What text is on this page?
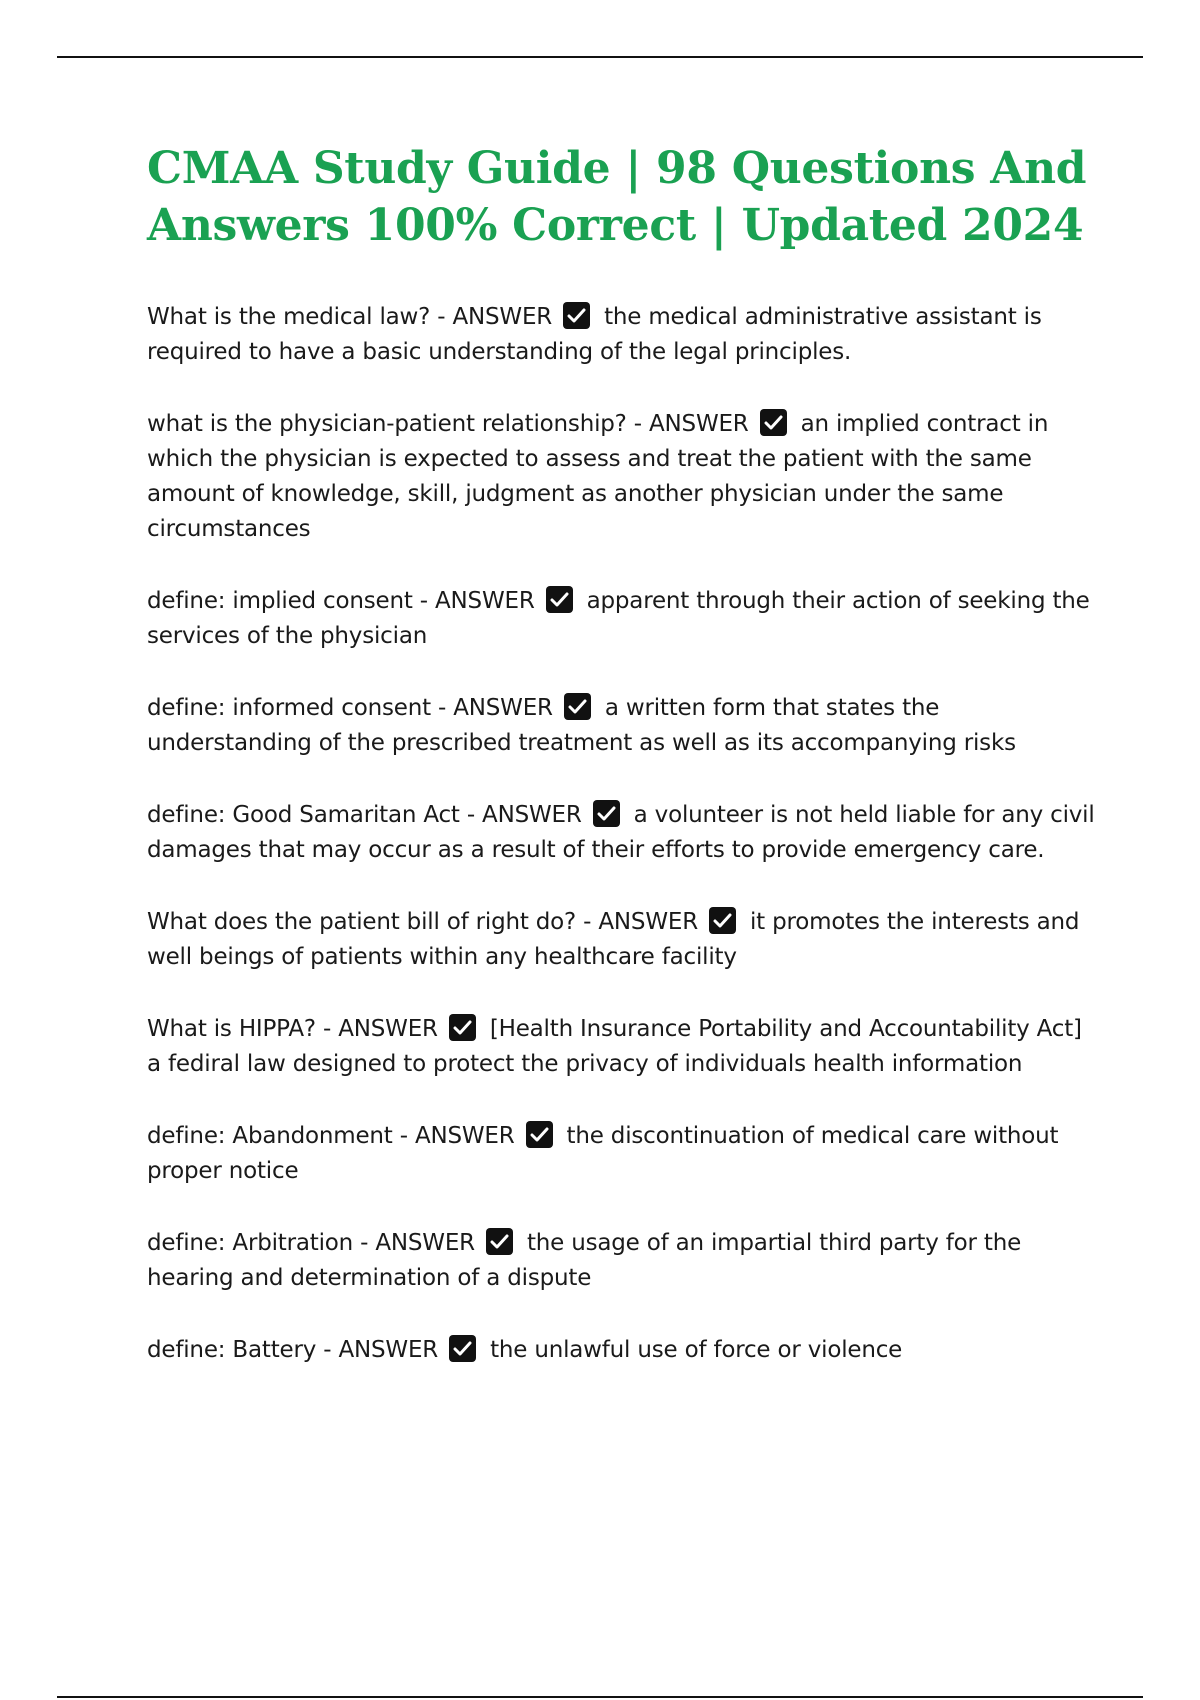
CMAA Study Guide | 98 Questions And Answers 100% Correct | Updated 2024

What is the medical law? - ANSWER the medical administrative assistant is required to have a basic understanding of the legal principles.

what is the physician-patient relationship? - ANSWER an implied contract in which the physician is expected to assess and treat the patient with the same amount of knowledge, skill, judgment as another physician under the same circumstances

define: implied consent - ANSWER apparent through their action of seeking the services of the physician

define: informed consent - ANSWER a written form that states the understanding of the prescribed treatment as well as its accompanying risks

define: Good Samaritan Act - ANSWER a volunteer is not held liable for any civil damages that may occur as a result of their efforts to provide emergency care.

What does the patient bill of right do? - ANSWER it promotes the interests and well beings of patients within any healthcare facility

What is HIPPA? - ANSWER [Health Insurance Portability and Accountability Act] a fediral law designed to protect the privacy of individuals health information

define: Abandonment - ANSWER the discontinuation of medical care without proper notice

define: Arbitration - ANSWER the usage of an impartial third party for the hearing and determination of a dispute

define: Battery - ANSWER the unlawful use of force or violence
